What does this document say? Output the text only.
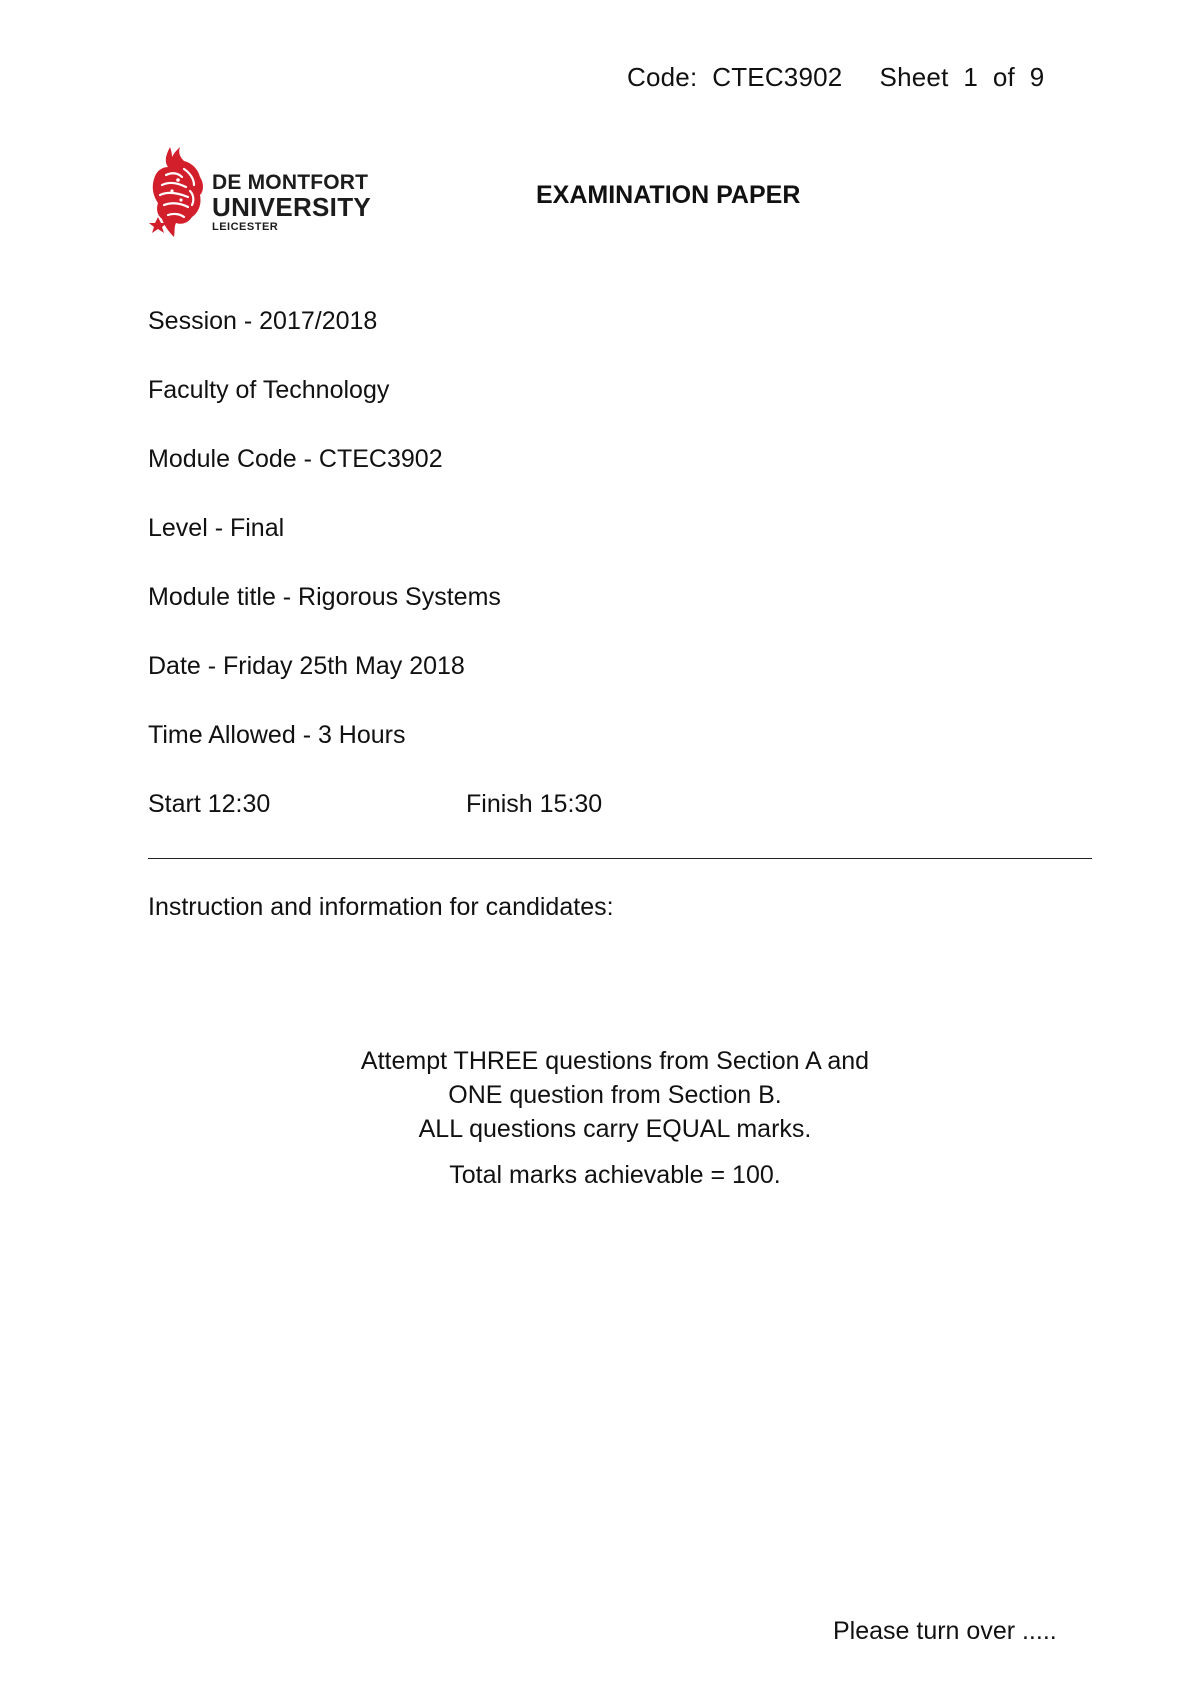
Code:  CTEC3902     Sheet  1  of  9
DE MONTFORT
UNIVERSITY
LEICESTER
EXAMINATION PAPER
Session - 2017/2018
Faculty of Technology
Module Code - CTEC3902
Level - Final
Module title - Rigorous Systems
Date - Friday 25th May 2018
Time Allowed - 3 Hours
Start 12:30	Finish 15:30
Instruction and information for candidates:
Attempt THREE questions from Section A and
ONE question from Section B.
ALL questions carry EQUAL marks.
Total marks achievable = 100.
Please turn over .....
